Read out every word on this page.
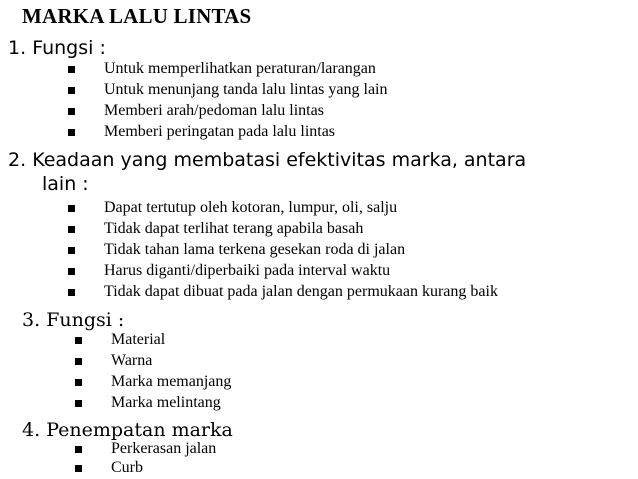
MARKA LALU LINTAS
1. Fungsi :
Untuk memperlihatkan peraturan/larangan
Untuk menunjang tanda lalu lintas yang lain
Memberi arah/pedoman lalu lintas
Memberi peringatan pada lalu lintas
2. Keadaan yang membatasi efektivitas marka, antara
lain :
Dapat tertutup oleh kotoran, lumpur, oli, salju
Tidak dapat terlihat terang apabila basah
Tidak tahan lama terkena gesekan roda di jalan
Harus diganti/diperbaiki pada interval waktu
Tidak dapat dibuat pada jalan dengan permukaan kurang baik
3. Fungsi :
Material
Warna
Marka memanjang
Marka melintang
4. Penempatan marka
Perkerasan jalan
Curb
